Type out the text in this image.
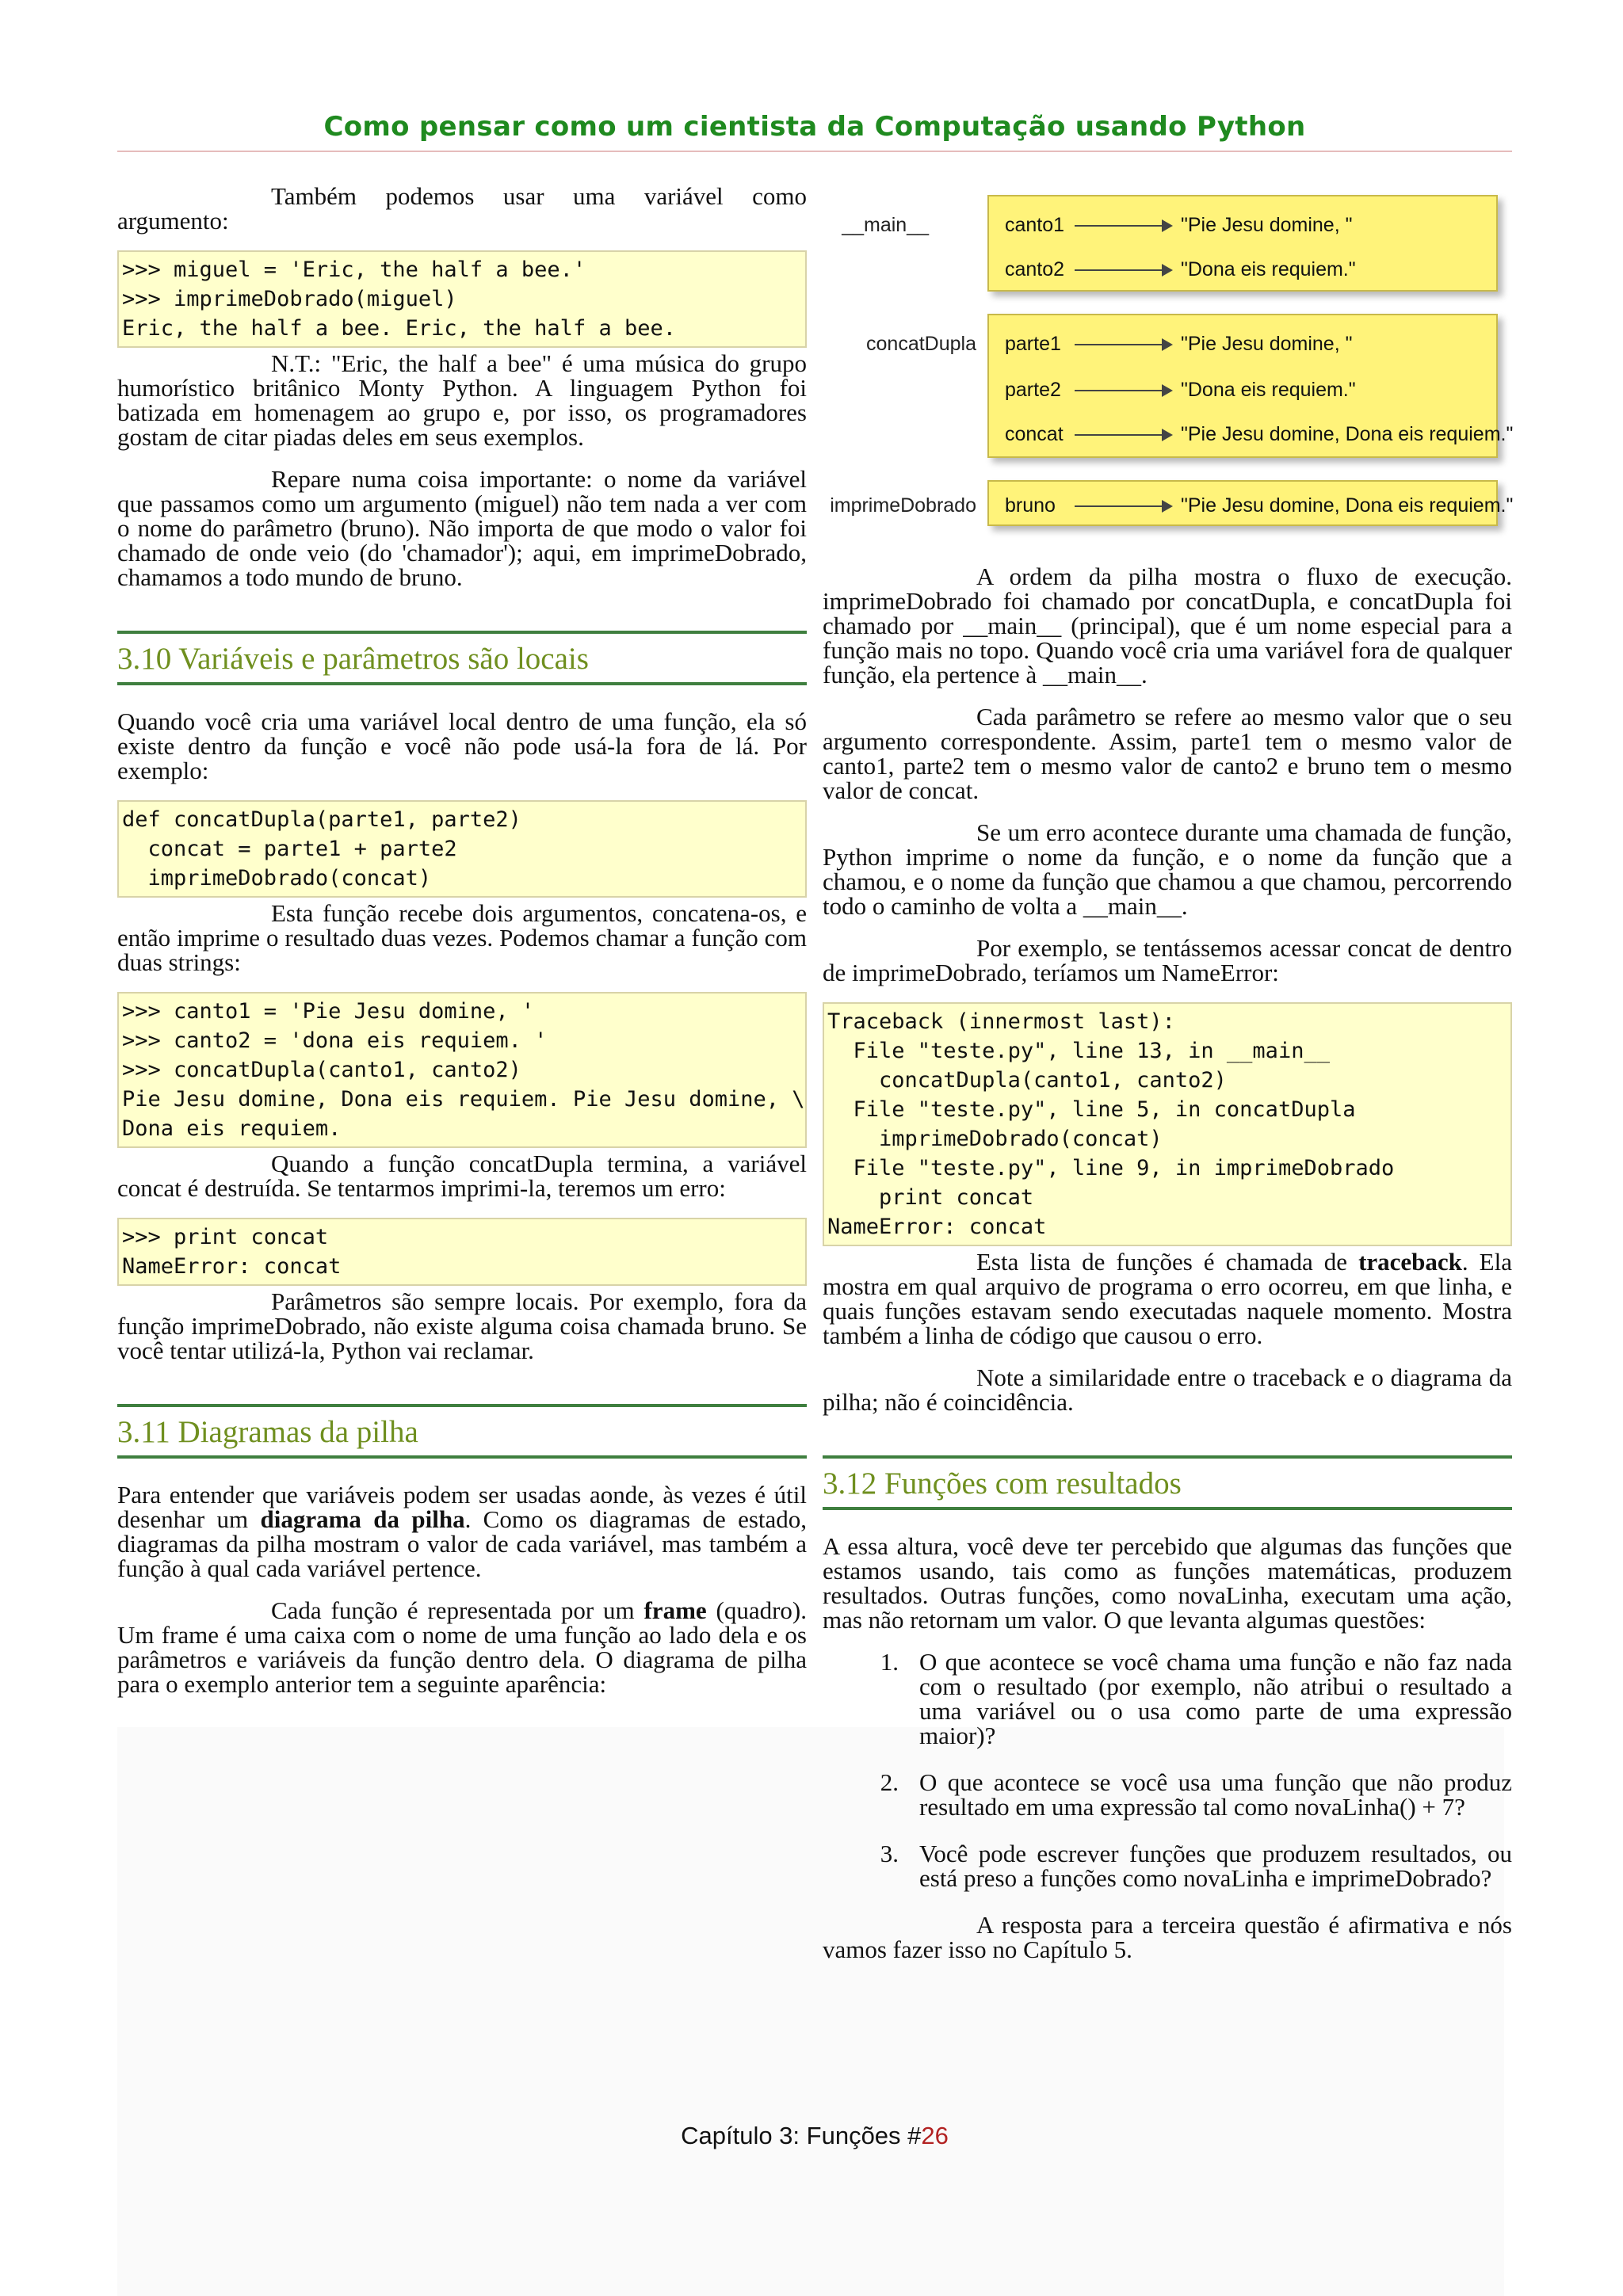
Como pensar como um cientista da Computação usando Python

Também podemos usar uma variável como argumento:

>>> miguel = 'Eric, the half a bee.'
>>> imprimeDobrado(miguel)
Eric, the half a bee. Eric, the half a bee.

N.T.: "Eric, the half a bee" é uma música do grupo humorístico britânico Monty Python. A linguagem Python foi batizada em homenagem ao grupo e, por isso, os programadores gostam de citar piadas deles em seus exemplos.

Repare numa coisa importante: o nome da variável que passamos como um argumento (miguel) não tem nada a ver com o nome do parâmetro (bruno). Não importa de que modo o valor foi chamado de onde veio (do 'chamador'); aqui, em imprimeDobrado, chamamos a todo mundo de bruno.

3.10 Variáveis e parâmetros são locais

Quando você cria uma variável local dentro de uma função, ela só existe dentro da função e você não pode usá-la fora de lá. Por exemplo:

def concatDupla(parte1, parte2)
concat = parte1 + parte2
imprimeDobrado(concat)

Esta função recebe dois argumentos, concatena-os, e então imprime o resultado duas vezes. Podemos chamar a função com duas strings:

>>> canto1 = 'Pie Jesu domine, '
>>> canto2 = 'dona eis requiem. '
>>> concatDupla(canto1, canto2)
Pie Jesu domine, Dona eis requiem. Pie Jesu domine, \
Dona eis requiem.

Quando a função concatDupla termina, a variável concat é destruída. Se tentarmos imprimi-la, teremos um erro:

>>> print concat
NameError: concat

Parâmetros são sempre locais. Por exemplo, fora da função imprimeDobrado, não existe alguma coisa chamada bruno. Se você tentar utilizá-la, Python vai reclamar.

3.11 Diagramas da pilha

Para entender que variáveis podem ser usadas aonde, às vezes é útil desenhar um diagrama da pilha. Como os diagramas de estado, diagramas da pilha mostram o valor de cada variável, mas também a função à qual cada variável pertence.

Cada função é representada por um frame (quadro). Um frame é uma caixa com o nome de uma função ao lado dela e os parâmetros e variáveis da função dentro dela. O diagrama de pilha para o exemplo anterior tem a seguinte aparência:

__main__	canto1	"Pie Jesu domine, "
canto2	"Dona eis requiem."
concatDupla parte1	"Pie Jesu domine, "
parte2	"Dona eis requiem."
concat	"Pie Jesu domine, Dona eis requiem."
imprimeDobrado bruno	"Pie Jesu domine, Dona eis requiem."

A ordem da pilha mostra o fluxo de execução. imprimeDobrado foi chamado por concatDupla, e concatDupla foi chamado por __main__ (principal), que é um nome especial para a função mais no topo. Quando você cria uma variável fora de qualquer função, ela pertence à __main__.

Cada parâmetro se refere ao mesmo valor que o seu argumento correspondente. Assim, parte1 tem o mesmo valor de canto1, parte2 tem o mesmo valor de canto2 e bruno tem o mesmo valor de concat.

Se um erro acontece durante uma chamada de função, Python imprime o nome da função, e o nome da função que a chamou, e o nome da função que chamou a que chamou, percorrendo todo o caminho de volta a __main__.

Por exemplo, se tentássemos acessar concat de dentro de imprimeDobrado, teríamos um NameError:

Traceback (innermost last):
File "teste.py", line 13, in __main__
concatDupla(canto1, canto2)
File "teste.py", line 5, in concatDupla
imprimeDobrado(concat)
File "teste.py", line 9, in imprimeDobrado
print concat
NameError: concat

Esta lista de funções é chamada de traceback. Ela mostra em qual arquivo de programa o erro ocorreu, em que linha, e quais funções estavam sendo executadas naquele momento. Mostra também a linha de código que causou o erro.

Note a similaridade entre o traceback e o diagrama da pilha; não é coincidência.

3.12 Funções com resultados

A essa altura, você deve ter percebido que algumas das funções que estamos usando, tais como as funções matemáticas, produzem resultados. Outras funções, como novaLinha, executam uma ação, mas não retornam um valor. O que levanta algumas questões:

1. O que acontece se você chama uma função e não faz nada com o resultado (por exemplo, não atribui o resultado a uma variável ou o usa como parte de uma expressão maior)?
2. O que acontece se você usa uma função que não produz resultado em uma expressão tal como novaLinha() + 7?
3. Você pode escrever funções que produzem resultados, ou está preso a funções como novaLinha e imprimeDobrado?

A resposta para a terceira questão é afirmativa e nós vamos fazer isso no Capítulo 5.

Capítulo 3: Funções #26
